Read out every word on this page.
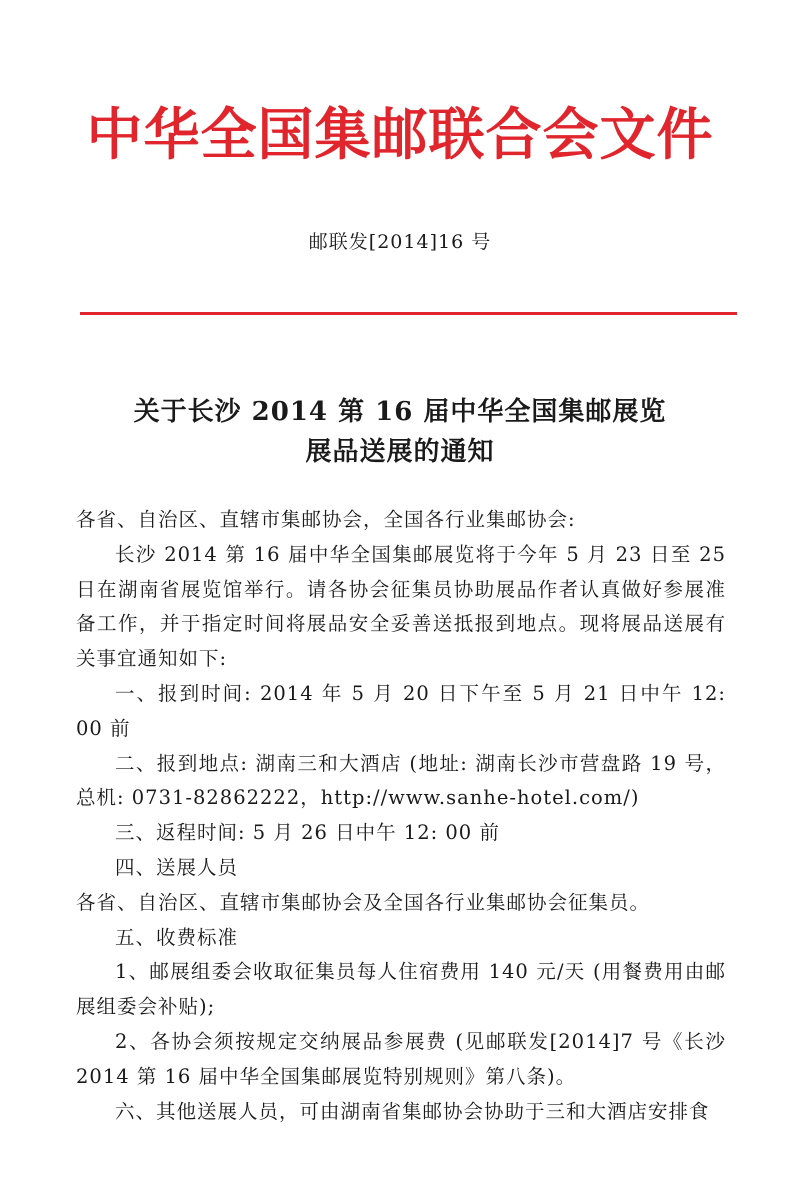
中华全国集邮联合会文件
邮联发[2014]16 号
关于长沙 2014 第 16 届中华全国集邮展览
展品送展的通知

各省、自治区、直辖市集邮协会，全国各行业集邮协会:

长沙 2014 第 16 届中华全国集邮展览将于今年 5 月 23 日至 25 日在湖南省展览馆举行。请各协会征集员协助展品作者认真做好参展准备工作，并于指定时间将展品安全妥善送抵报到地点。现将展品送展有关事宜通知如下:

一、报到时间: 2014 年 5 月 20 日下午至 5 月 21 日中午 12: 00 前

二、报到地点: 湖南三和大酒店 (地址: 湖南长沙市营盘路 19 号，总机: 0731-82862222，http://www.sanhe-hotel.com/)

三、返程时间: 5 月 26 日中午 12: 00 前

四、送展人员

各省、自治区、直辖市集邮协会及全国各行业集邮协会征集员。

五、收费标准

1、邮展组委会收取征集员每人住宿费用 140 元/天 (用餐费用由邮展组委会补贴);

2、各协会须按规定交纳展品参展费 (见邮联发[2014]7 号《长沙 2014 第 16 届中华全国集邮展览特别规则》第八条)。

六、其他送展人员，可由湖南省集邮协会协助于三和大酒店安排食
